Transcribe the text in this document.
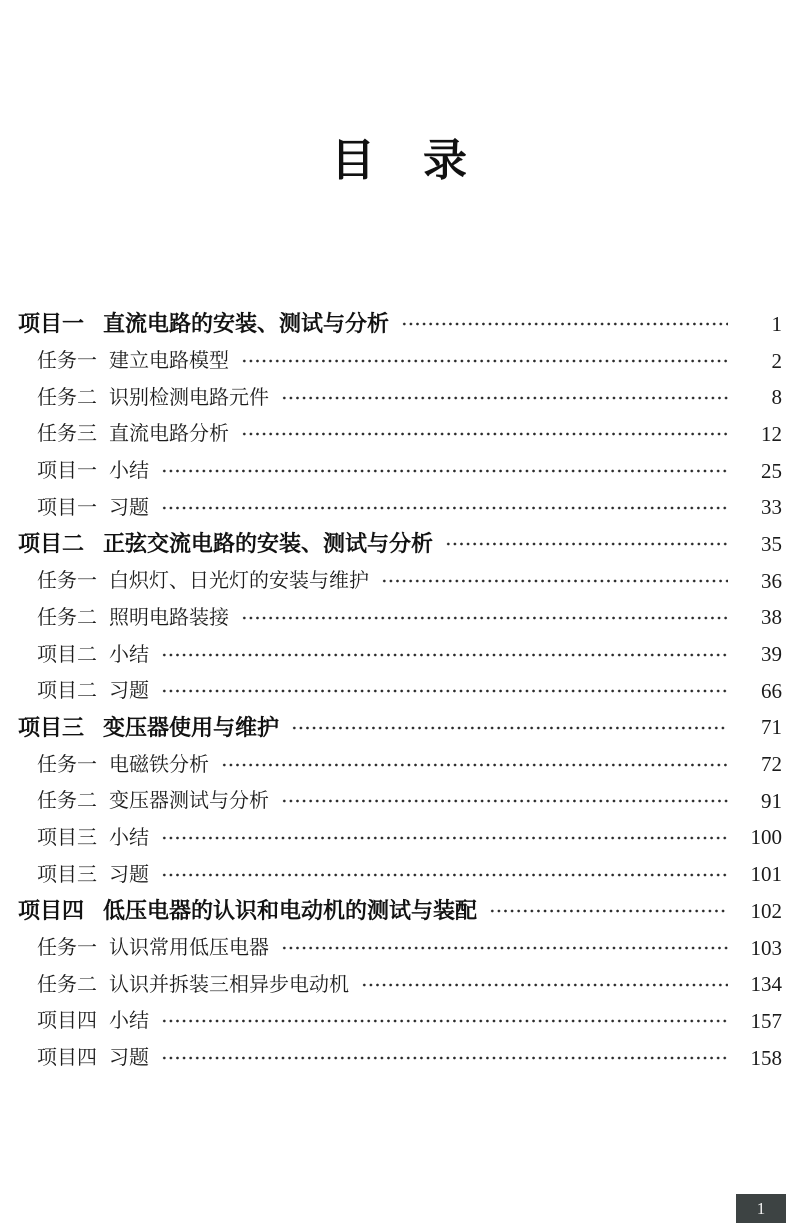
目　录
项目一 直流电路的安装、测试与分析	1
任务一 建立电路模型	2
任务二 识别检测电路元件	8
任务三 直流电路分析	12
项目一 小结	25
项目一 习题	33
项目二 正弦交流电路的安装、测试与分析	35
任务一 白炽灯、日光灯的安装与维护	36
任务二 照明电路装接	38
项目二 小结	39
项目二 习题	66
项目三 变压器使用与维护	71
任务一 电磁铁分析	72
任务二 变压器测试与分析	91
项目三 小结	100
项目三 习题	101
项目四 低压电器的认识和电动机的测试与装配	102
任务一 认识常用低压电器	103
任务二 认识并拆装三相异步电动机	134
项目四 小结	157
项目四 习题	158
1
